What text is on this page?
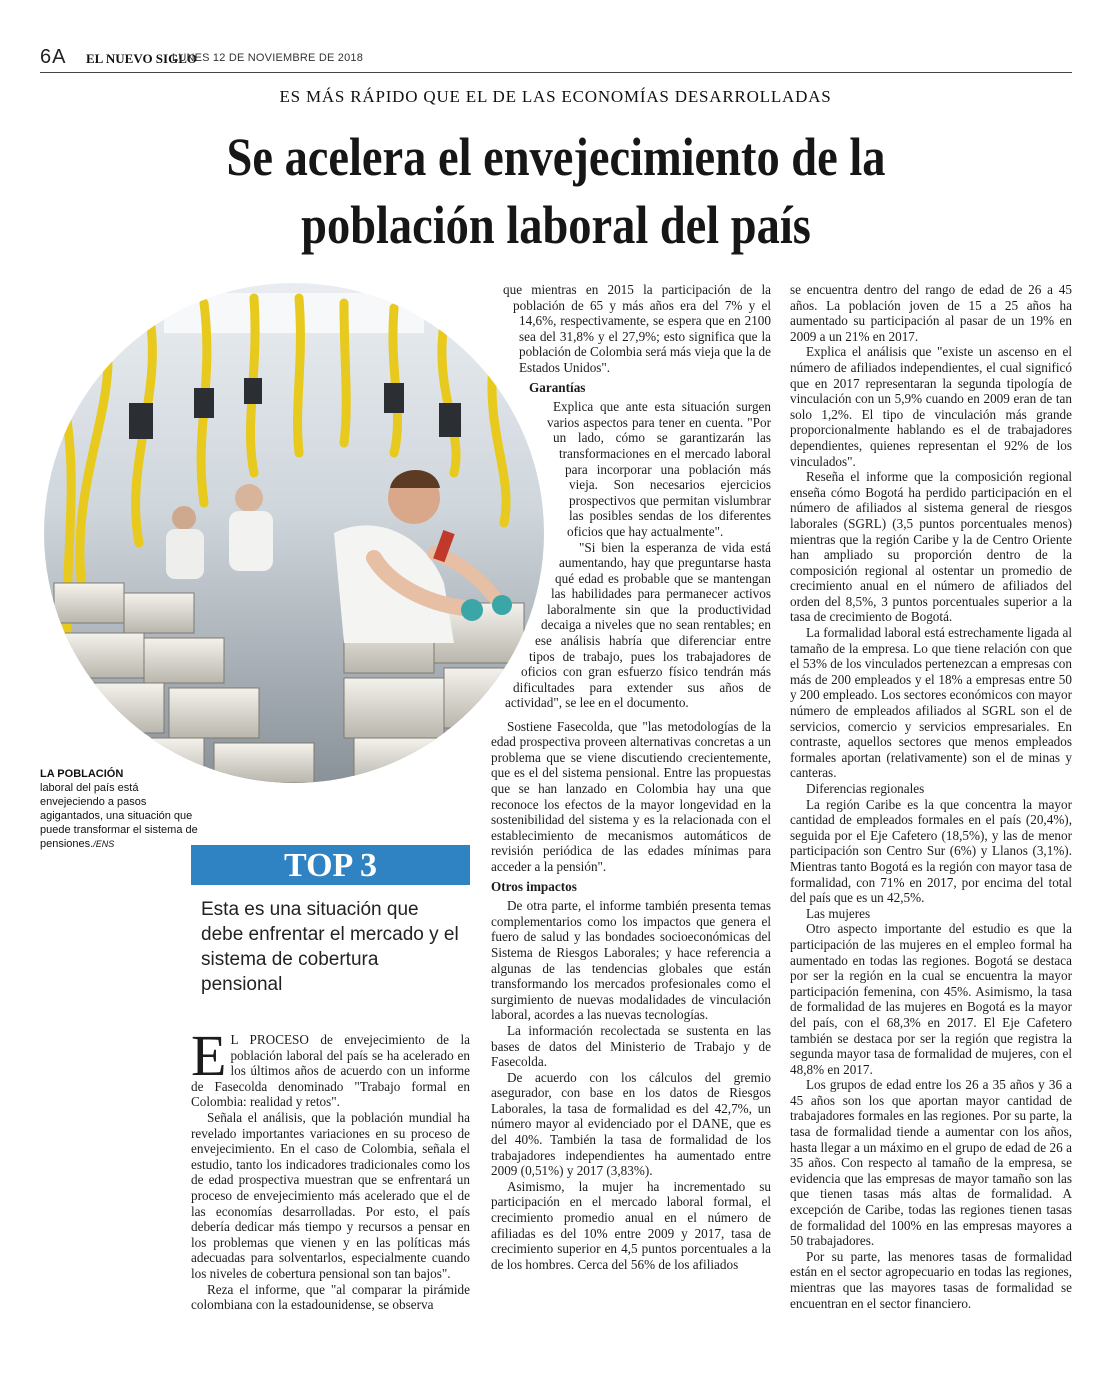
6A EL NUEVO SIGLO
LUNES 12 DE NOVIEMBRE DE 2018
ES MÁS RÁPIDO QUE EL DE LAS ECONOMÍAS DESARROLLADAS
Se acelera el envejecimiento de la
población laboral del país
LA POBLACIÓN
laboral del país está envejeciendo a pasos agigantados, una situación que puede transformar el sistema de pensiones./ENS
TOP 3
Esta es una situación que debe enfrentar el mercado y el sistema de cobertura pensional

E L PROCESO de envejecimiento de la población laboral del país se ha acelerado en los últimos años de acuerdo con un informe de Fasecolda denominado "Trabajo formal en Colombia: realidad y retos".

Señala el análisis, que la población mundial ha revelado importantes variaciones en su proceso de envejecimiento. En el caso de Colombia, señala el estudio, tanto los indicadores tradicionales como los de edad prospectiva muestran que se enfrentará un proceso de envejecimiento más acelerado que el de las economías desarrolladas. Por esto, el país debería dedicar más tiempo y recursos a pensar en los problemas que vienen y en las políticas más adecuadas para solventarlos, especialmente cuando los niveles de cobertura pensional son tan bajos".

Reza el informe, que "al comparar la pirámide colombiana con la estadounidense, se observa

que mientras en 2015 la participación de la población de 65 y más años era del 7% y el 14,6%, respectivamente, se espera que en 2100 sea del 31,8% y el 27,9%; esto significa que la población de Colombia será más vieja que la de Estados Unidos".

Garantías

Explica que ante esta situación surgen varios aspectos para tener en cuenta. "Por un lado, cómo se garantizarán las transformaciones en el mercado laboral para incorporar una población más vieja. Son necesarios ejercicios prospectivos que permitan vislumbrar las posibles sendas de los diferentes oficios que hay actualmente".

"Si bien la esperanza de vida está aumentando, hay que preguntarse hasta qué edad es probable que se mantengan las habilidades para permanecer activos laboralmente sin que la productividad decaiga a niveles que no sean rentables; en ese análisis habría que diferenciar entre tipos de trabajo, pues los trabajadores de oficios con gran esfuerzo físico tendrán más dificultades para extender sus años de actividad", se lee en el documento.

Sostiene Fasecolda, que "las metodologías de la edad prospectiva proveen alternativas concretas a un problema que se viene discutiendo crecientemente, que es el del sistema pensional. Entre las propuestas que se han lanzado en Colombia hay una que reconoce los efectos de la mayor longevidad en la sostenibilidad del sistema y es la relacionada con el establecimiento de mecanismos automáticos de revisión periódica de las edades mínimas para acceder a la pensión".

Otros impactos

De otra parte, el informe también presenta temas complementarios como los impactos que genera el fuero de salud y las bondades socioeconómicas del Sistema de Riesgos Laborales; y hace referencia a algunas de las tendencias globales que están transformando los mercados profesionales como el surgimiento de nuevas modalidades de vinculación laboral, acordes a las nuevas tecnologías.

La información recolectada se sustenta en las bases de datos del Ministerio de Trabajo y de Fasecolda.

De acuerdo con los cálculos del gremio asegurador, con base en los datos de Riesgos Laborales, la tasa de formalidad es del 42,7%, un número mayor al evidenciado por el DANE, que es del 40%. También la tasa de formalidad de los trabajadores independientes ha aumentado entre 2009 (0,51%) y 2017 (3,83%).

Asimismo, la mujer ha incrementado su participación en el mercado laboral formal, el crecimiento promedio anual en el número de afiliadas es del 10% entre 2009 y 2017, tasa de crecimiento superior en 4,5 puntos porcentuales a la de los hombres. Cerca del 56% de los afiliados

se encuentra dentro del rango de edad de 26 a 45 años. La población joven de 15 a 25 años ha aumentado su participación al pasar de un 19% en 2009 a un 21% en 2017.

Explica el análisis que "existe un ascenso en el número de afiliados independientes, el cual significó que en 2017 representaran la segunda tipología de vinculación con un 5,9% cuando en 2009 eran de tan solo 1,2%. El tipo de vinculación más grande proporcionalmente hablando es el de trabajadores dependientes, quienes representan el 92% de los vinculados".

Reseña el informe que la composición regional enseña cómo Bogotá ha perdido participación en el número de afiliados al sistema general de riesgos laborales (SGRL) (3,5 puntos porcentuales menos) mientras que la región Caribe y la de Centro Oriente han ampliado su proporción dentro de la composición regional al ostentar un promedio de crecimiento anual en el número de afiliados del orden del 8,5%, 3 puntos porcentuales superior a la tasa de crecimiento de Bogotá.

La formalidad laboral está estrechamente ligada al tamaño de la empresa. Lo que tiene relación con que el 53% de los vinculados pertenezcan a empresas con más de 200 empleados y el 18% a empresas entre 50 y 200 empleado. Los sectores económicos con mayor número de empleados afiliados al SGRL son el de servicios, comercio y servicios empresariales. En contraste, aquellos sectores que menos empleados formales aportan (relativamente) son el de minas y canteras.

Diferencias regionales

La región Caribe es la que concentra la mayor cantidad de empleados formales en el país (20,4%), seguida por el Eje Cafetero (18,5%), y las de menor participación son Centro Sur (6%) y Llanos (3,1%). Mientras tanto Bogotá es la región con mayor tasa de formalidad, con 71% en 2017, por encima del total del país que es un 42,5%.

Las mujeres

Otro aspecto importante del estudio es que la participación de las mujeres en el empleo formal ha aumentado en todas las regiones. Bogotá se destaca por ser la región en la cual se encuentra la mayor participación femenina, con 45%. Asimismo, la tasa de formalidad de las mujeres en Bogotá es la mayor del país, con el 68,3% en 2017. El Eje Cafetero también se destaca por ser la región que registra la segunda mayor tasa de formalidad de mujeres, con el 48,8% en 2017.

Los grupos de edad entre los 26 a 35 años y 36 a 45 años son los que aportan mayor cantidad de trabajadores formales en las regiones. Por su parte, la tasa de formalidad tiende a aumentar con los años, hasta llegar a un máximo en el grupo de edad de 26 a 35 años. Con respecto al tamaño de la empresa, se evidencia que las empresas de mayor tamaño son las que tienen tasas más altas de formalidad. A excepción de Caribe, todas las regiones tienen tasas de formalidad del 100% en las empresas mayores a 50 trabajadores.

Por su parte, las menores tasas de formalidad están en el sector agropecuario en todas las regiones, mientras que las mayores tasas de formalidad se encuentran en el sector financiero.
